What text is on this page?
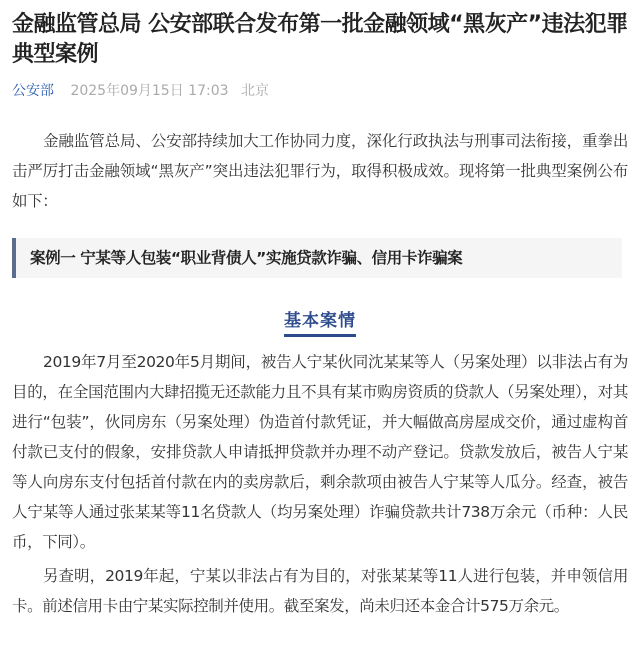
金融监管总局 公安部联合发布第一批金融领域“黑灰产”违法犯罪典型案例
公安部 2025年09月15日 17:03 北京

金融监管总局、公安部持续加大工作协同力度，深化行政执法与刑事司法衔接，重拳出击严厉打击金融领域“黑灰产”突出违法犯罪行为，取得积极成效。现将第一批典型案例公布如下：

案例一 宁某等人包装“职业背债人”实施贷款诈骗、信用卡诈骗案
基本案情

2019年7月至2020年5月期间，被告人宁某伙同沈某某等人（另案处理）以非法占有为目的，在全国范围内大肆招揽无还款能力且不具有某市购房资质的贷款人（另案处理），对其进行“包装”，伙同房东（另案处理）伪造首付款凭证，并大幅做高房屋成交价，通过虚构首付款已支付的假象，安排贷款人申请抵押贷款并办理不动产登记。贷款发放后，被告人宁某等人向房东支付包括首付款在内的卖房款后，剩余款项由被告人宁某等人瓜分。经查，被告人宁某等人通过张某某等11名贷款人（均另案处理）诈骗贷款共计738万余元（币种：人民币，下同）。

另查明，2019年起，宁某以非法占有为目的，对张某某等11人进行包装，并申领信用卡。前述信用卡由宁某实际控制并使用。截至案发，尚未归还本金合计575万余元。
